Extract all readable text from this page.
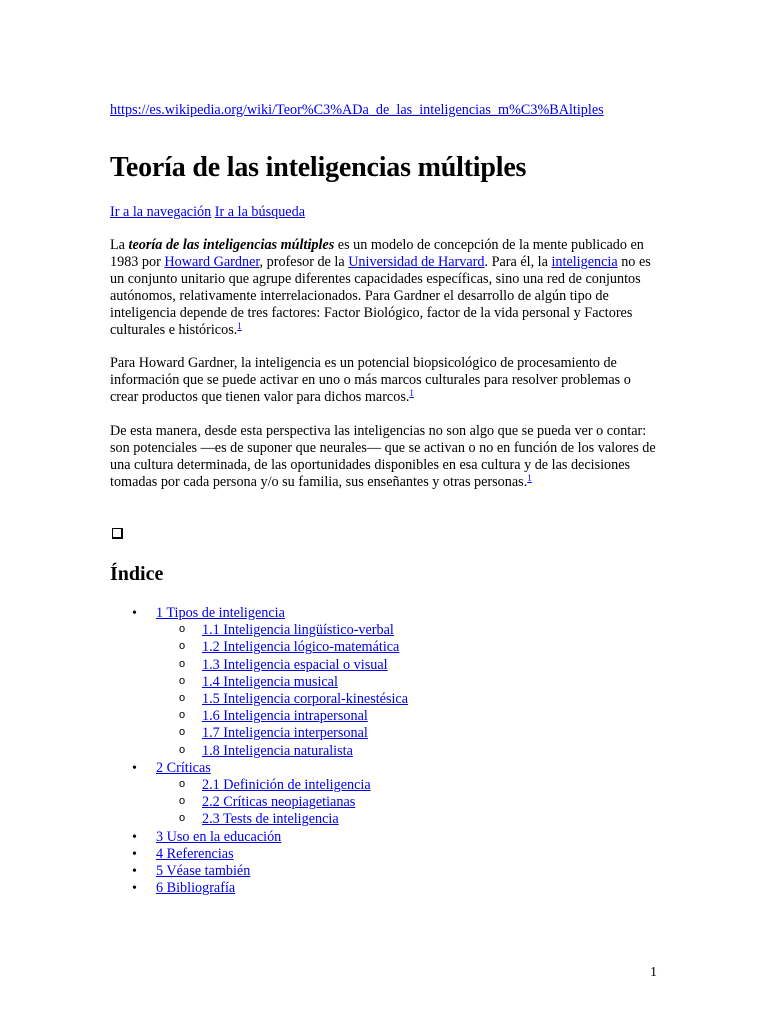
https://es.wikipedia.org/wiki/Teor%C3%ADa_de_las_inteligencias_m%C3%BAltiples
Teoría de las inteligencias múltiples
Ir a la navegación Ir a la búsqueda

La teoría de las inteligencias múltiples es un modelo de concepción de la mente publicado en 1983 por Howard Gardner, profesor de la Universidad de Harvard. Para él, la inteligencia no es un conjunto unitario que agrupe diferentes capacidades específicas, sino una red de conjuntos autónomos, relativamente interrelacionados. Para Gardner el desarrollo de algún tipo de inteligencia depende de tres factores: Factor Biológico, factor de la vida personal y Factores culturales e históricos.$^1$

Para Howard Gardner, la inteligencia es un potencial biopsicológico de procesamiento de información que se puede activar en uno o más marcos culturales para resolver problemas o crear productos que tienen valor para dichos marcos.$^1$

De esta manera, desde esta perspectiva las inteligencias no son algo que se pueda ver o contar: son potenciales —es de suponer que neurales— que se activan o no en función de los valores de una cultura determinada, de las oportunidades disponibles en esa cultura y de las decisiones tomadas por cada persona y/o su familia, sus enseñantes y otras personas.$^1$

Índice
• 1 Tipos de inteligencia
o 1.1 Inteligencia lingüístico-verbal
o 1.2 Inteligencia lógico-matemática
o 1.3 Inteligencia espacial o visual
o 1.4 Inteligencia musical
o 1.5 Inteligencia corporal-kinestésica
o 1.6 Inteligencia intrapersonal
o 1.7 Inteligencia interpersonal
o 1.8 Inteligencia naturalista
• 2 Críticas
o 2.1 Definición de inteligencia
o 2.2 Críticas neopiagetianas
o 2.3 Tests de inteligencia
• 3 Uso en la educación
• 4 Referencias
• 5 Véase también
• 6 Bibliografía
1
